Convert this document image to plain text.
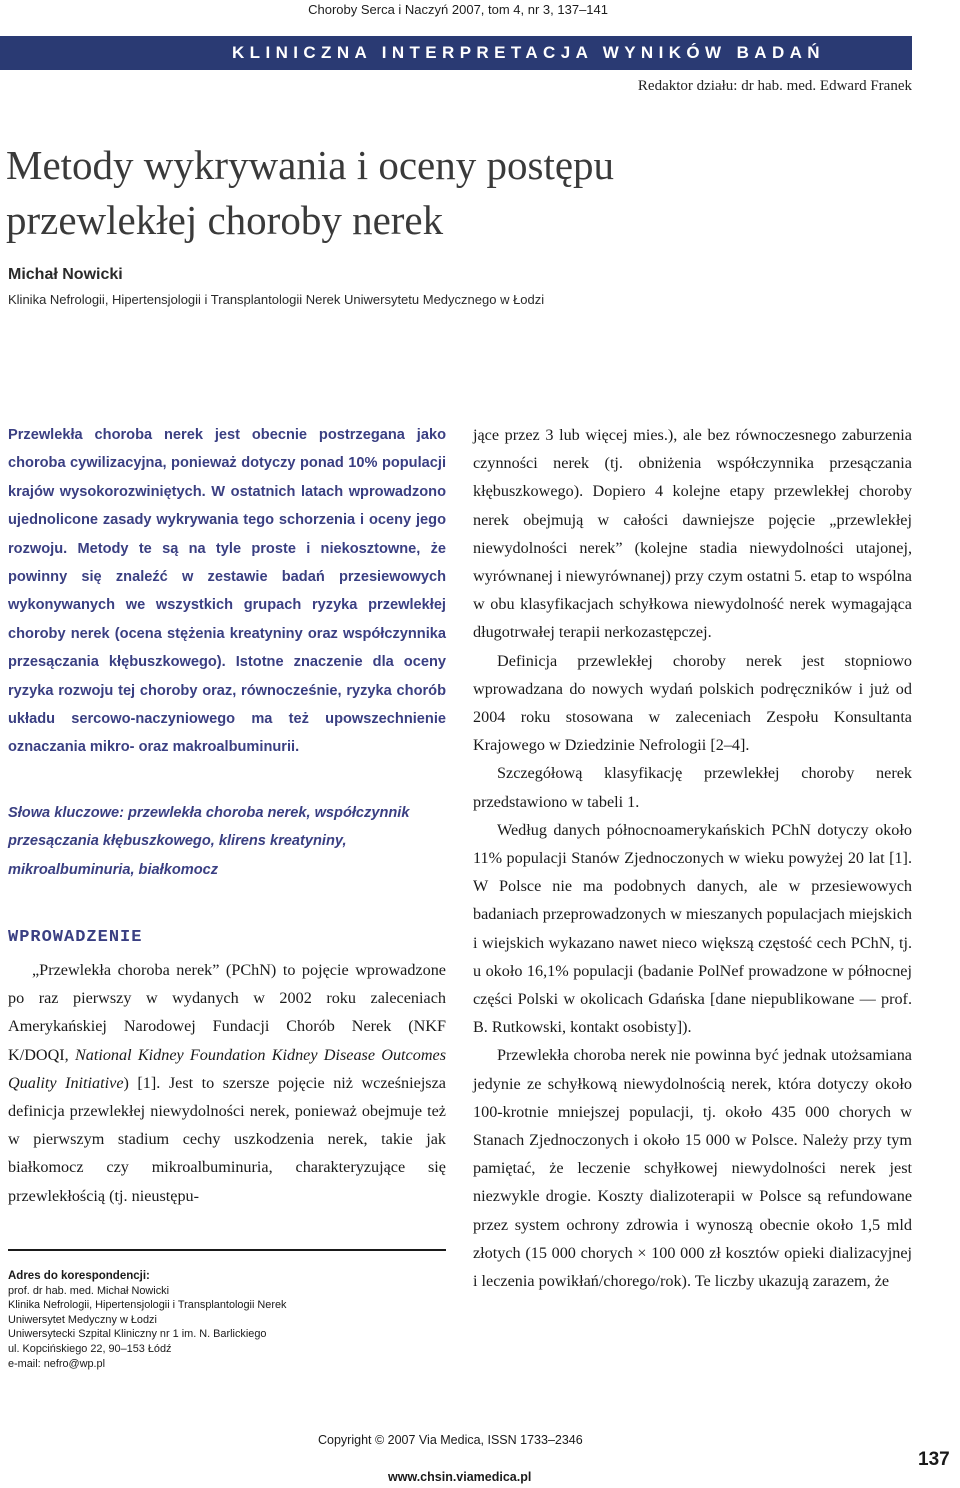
Choroby Serca i Naczyń 2007, tom 4, nr 3, 137–141
KLINICZNA INTERPRETACJA WYNIKÓW BADAŃ
Redaktor działu: dr hab. med. Edward Franek
Metody wykrywania i oceny postępu przewlekłej choroby nerek
Michał Nowicki
Klinika Nefrologii, Hipertensjologii i Transplantologii Nerek Uniwersytetu Medycznego w Łodzi

Przewlekła choroba nerek jest obecnie postrzegana jako choroba cywilizacyjna, ponieważ dotyczy ponad 10% populacji krajów wysokorozwiniętych. W ostatnich latach wprowadzono ujednolicone zasady wykrywania tego schorzenia i oceny jego rozwoju. Metody te są na tyle proste i niekosztowne, że powinny się znaleźć w zestawie badań przesiewowych wykonywanych we wszystkich grupach ryzyka przewlekłej choroby nerek (ocena stężenia kreatyniny oraz współczynnika przesączania kłębuszkowego). Istotne znaczenie dla oceny ryzyka rozwoju tej choroby oraz, równocześnie, ryzyka chorób układu sercowo-naczyniowego ma też upowszechnienie oznaczania mikro- oraz makroalbuminurii.

Słowa kluczowe: przewlekła choroba nerek, współczynnik przesączania kłębuszkowego, klirens kreatyniny, mikroalbuminuria, białkomocz

WPROWADZENIE

„Przewlekła choroba nerek” (PChN) to pojęcie wprowadzone po raz pierwszy w wydanych w 2002 roku zaleceniach Amerykańskiej Narodowej Fundacji Chorób Nerek (NKF K/DOQI, National Kidney Foundation Kidney Disease Outcomes Quality Initiative) [1]. Jest to szersze pojęcie niż wcześniejsza definicja przewlekłej niewydolności nerek, ponieważ obejmuje też w pierwszym stadium cechy uszkodzenia nerek, takie jak białkomocz czy mikroalbuminuria, charakteryzujące się przewlekłością (tj. nieustępu-

Adres do korespondencji:
prof. dr hab. med. Michał Nowicki
Klinika Nefrologii, Hipertensjologii i Transplantologii Nerek
Uniwersytet Medyczny w Łodzi
Uniwersytecki Szpital Kliniczny nr 1 im. N. Barlickiego
ul. Kopcińskiego 22, 90–153 Łódź
e-mail: nefro@wp.pl

jące przez 3 lub więcej mies.), ale bez równoczesnego zaburzenia czynności nerek (tj. obniżenia współczynnika przesączania kłębuszkowego). Dopiero 4 kolejne etapy przewlekłej choroby nerek obejmują w całości dawniejsze pojęcie „przewlekłej niewydolności nerek” (kolejne stadia niewydolności utajonej, wyrównanej i niewyrównanej) przy czym ostatni 5. etap to wspólna w obu klasyfikacjach schyłkowa niewydolność nerek wymagająca długotrwałej terapii nerkozastępczej.

Definicja przewlekłej choroby nerek jest stopniowo wprowadzana do nowych wydań polskich podręczników i już od 2004 roku stosowana w zaleceniach Zespołu Konsultanta Krajowego w Dziedzinie Nefrologii [2–4].

Szczegółową klasyfikację przewlekłej choroby nerek przedstawiono w tabeli 1.

Według danych północnoamerykańskich PChN dotyczy około 11% populacji Stanów Zjednoczonych w wieku powyżej 20 lat [1]. W Polsce nie ma podobnych danych, ale w przesiewowych badaniach przeprowadzonych w mieszanych populacjach miejskich i wiejskich wykazano nawet nieco większą częstość cech PChN, tj. u około 16,1% populacji (badanie PolNef prowadzone w północnej części Polski w okolicach Gdańska [dane niepublikowane — prof. B. Rutkowski, kontakt osobisty]).

Przewlekła choroba nerek nie powinna być jednak utożsamiana jedynie ze schyłkową niewydolnością nerek, która dotyczy około 100-krotnie mniejszej populacji, tj. około 435 000 chorych w Stanach Zjednoczonych i około 15 000 w Polsce. Należy przy tym pamiętać, że leczenie schyłkowej niewydolności nerek jest niezwykle drogie. Koszty dializoterapii w Polsce są refundowane przez system ochrony zdrowia i wynoszą obecnie około 1,5 mld złotych (15 000 chorych × 100 000 zł kosztów opieki dializacyjnej i leczenia powikłań/chorego/rok). Te liczby ukazują zarazem, że

Copyright © 2007 Via Medica, ISSN 1733–2346
www.chsin.viamedica.pl
137
